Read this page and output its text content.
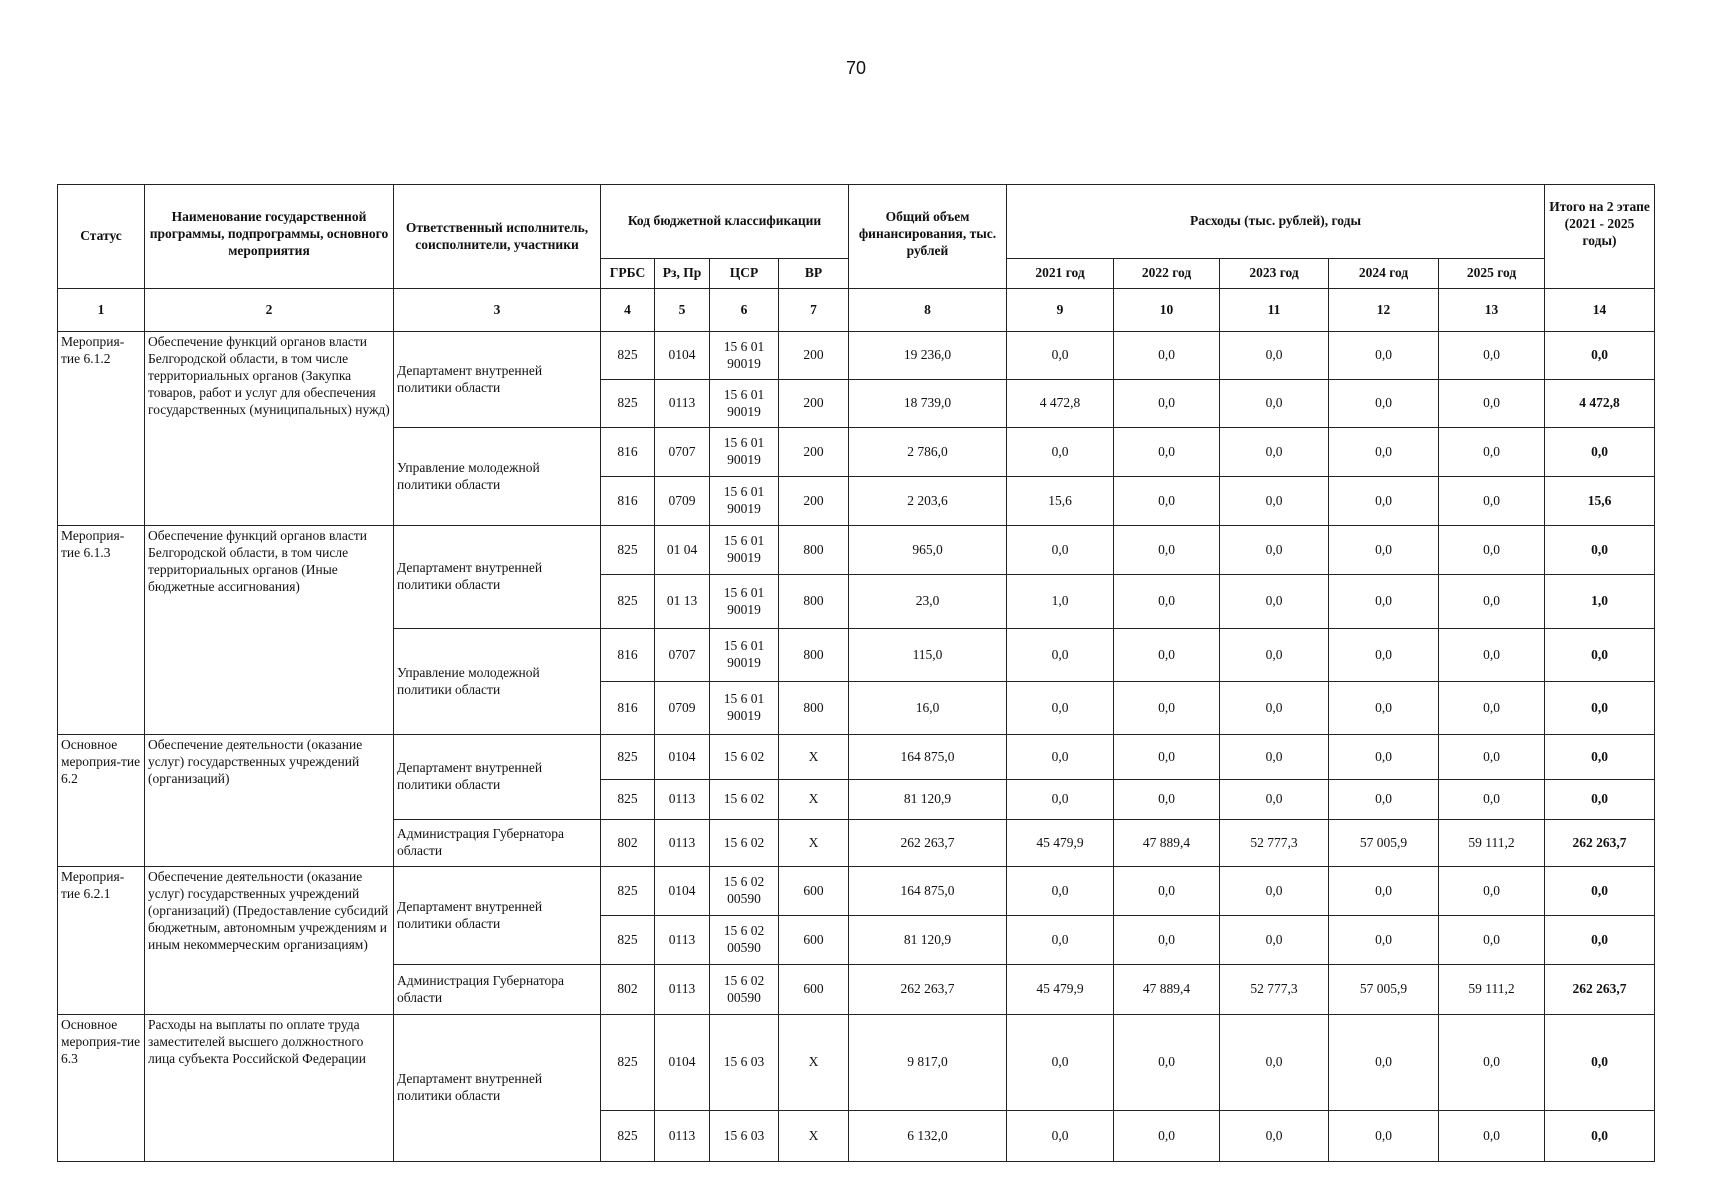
70
Статус	Наименование государственной программы, подпрограммы, основного мероприятия	Ответственный исполнитель, соисполнители, участники	Код бюджетной классификации				Общий объем финансирования, тыс. рублей	Расходы (тыс. рублей), годы					Итого на 2 этапе (2021 - 2025 годы)
			ГРБС	Рз, Пр	ЦСР	ВР		2021 год	2022 год	2023 год	2024 год	2025 год	
1	2	3	4	5	6	7	8	9	10	11	12	13	14
Мероприя-тие 6.1.2	Обеспечение функций органов власти Белгородской области, в том числе территориальных органов (Закупка товаров, работ и услуг для обеспечения государственных (муниципальных) нужд)	Департамент внутренней политики области	825	0104	15 6 01 90019	200	19 236,0	0,0	0,0	0,0	0,0	0,0	0,0
			825	0113	15 6 01 90019	200	18 739,0	4 472,8	0,0	0,0	0,0	0,0	4 472,8
		Управление молодежной политики области	816	0707	15 6 01 90019	200	2 786,0	0,0	0,0	0,0	0,0	0,0	0,0
			816	0709	15 6 01 90019	200	2 203,6	15,6	0,0	0,0	0,0	0,0	15,6
Мероприя-тие 6.1.3	Обеспечение функций органов власти Белгородской области, в том числе территориальных органов (Иные бюджетные ассигнования)	Департамент внутренней политики области	825	01 04	15 6 01 90019	800	965,0	0,0	0,0	0,0	0,0	0,0	0,0
			825	01 13	15 6 01 90019	800	23,0	1,0	0,0	0,0	0,0	0,0	1,0
		Управление молодежной политики области	816	0707	15 6 01 90019	800	115,0	0,0	0,0	0,0	0,0	0,0	0,0
			816	0709	15 6 01 90019	800	16,0	0,0	0,0	0,0	0,0	0,0	0,0
Основное мероприя-тие 6.2	Обеспечение деятельности (оказание услуг) государственных учреждений (организаций)	Департамент внутренней политики области	825	0104	15 6 02	X	164 875,0	0,0	0,0	0,0	0,0	0,0	0,0
			825	0113	15 6 02	X	81 120,9	0,0	0,0	0,0	0,0	0,0	0,0
		Администрация Губернатора области	802	0113	15 6 02	X	262 263,7	45 479,9	47 889,4	52 777,3	57 005,9	59 111,2	262 263,7
Мероприя-тие 6.2.1	Обеспечение деятельности (оказание услуг) государственных учреждений (организаций) (Предоставление субсидий бюджетным, автономным учреждениям и иным некоммерческим организациям)	Департамент внутренней политики области	825	0104	15 6 02 00590	600	164 875,0	0,0	0,0	0,0	0,0	0,0	0,0
			825	0113	15 6 02 00590	600	81 120,9	0,0	0,0	0,0	0,0	0,0	0,0
		Администрация Губернатора области	802	0113	15 6 02 00590	600	262 263,7	45 479,9	47 889,4	52 777,3	57 005,9	59 111,2	262 263,7
Основное мероприя-тие 6.3	Расходы на выплаты по оплате труда заместителей высшего должностного лица субъекта Российской Федерации	Департамент внутренней политики области	825	0104	15 6 03	X	9 817,0	0,0	0,0	0,0	0,0	0,0	0,0
			825	0113	15 6 03	X	6 132,0	0,0	0,0	0,0	0,0	0,0	0,0
